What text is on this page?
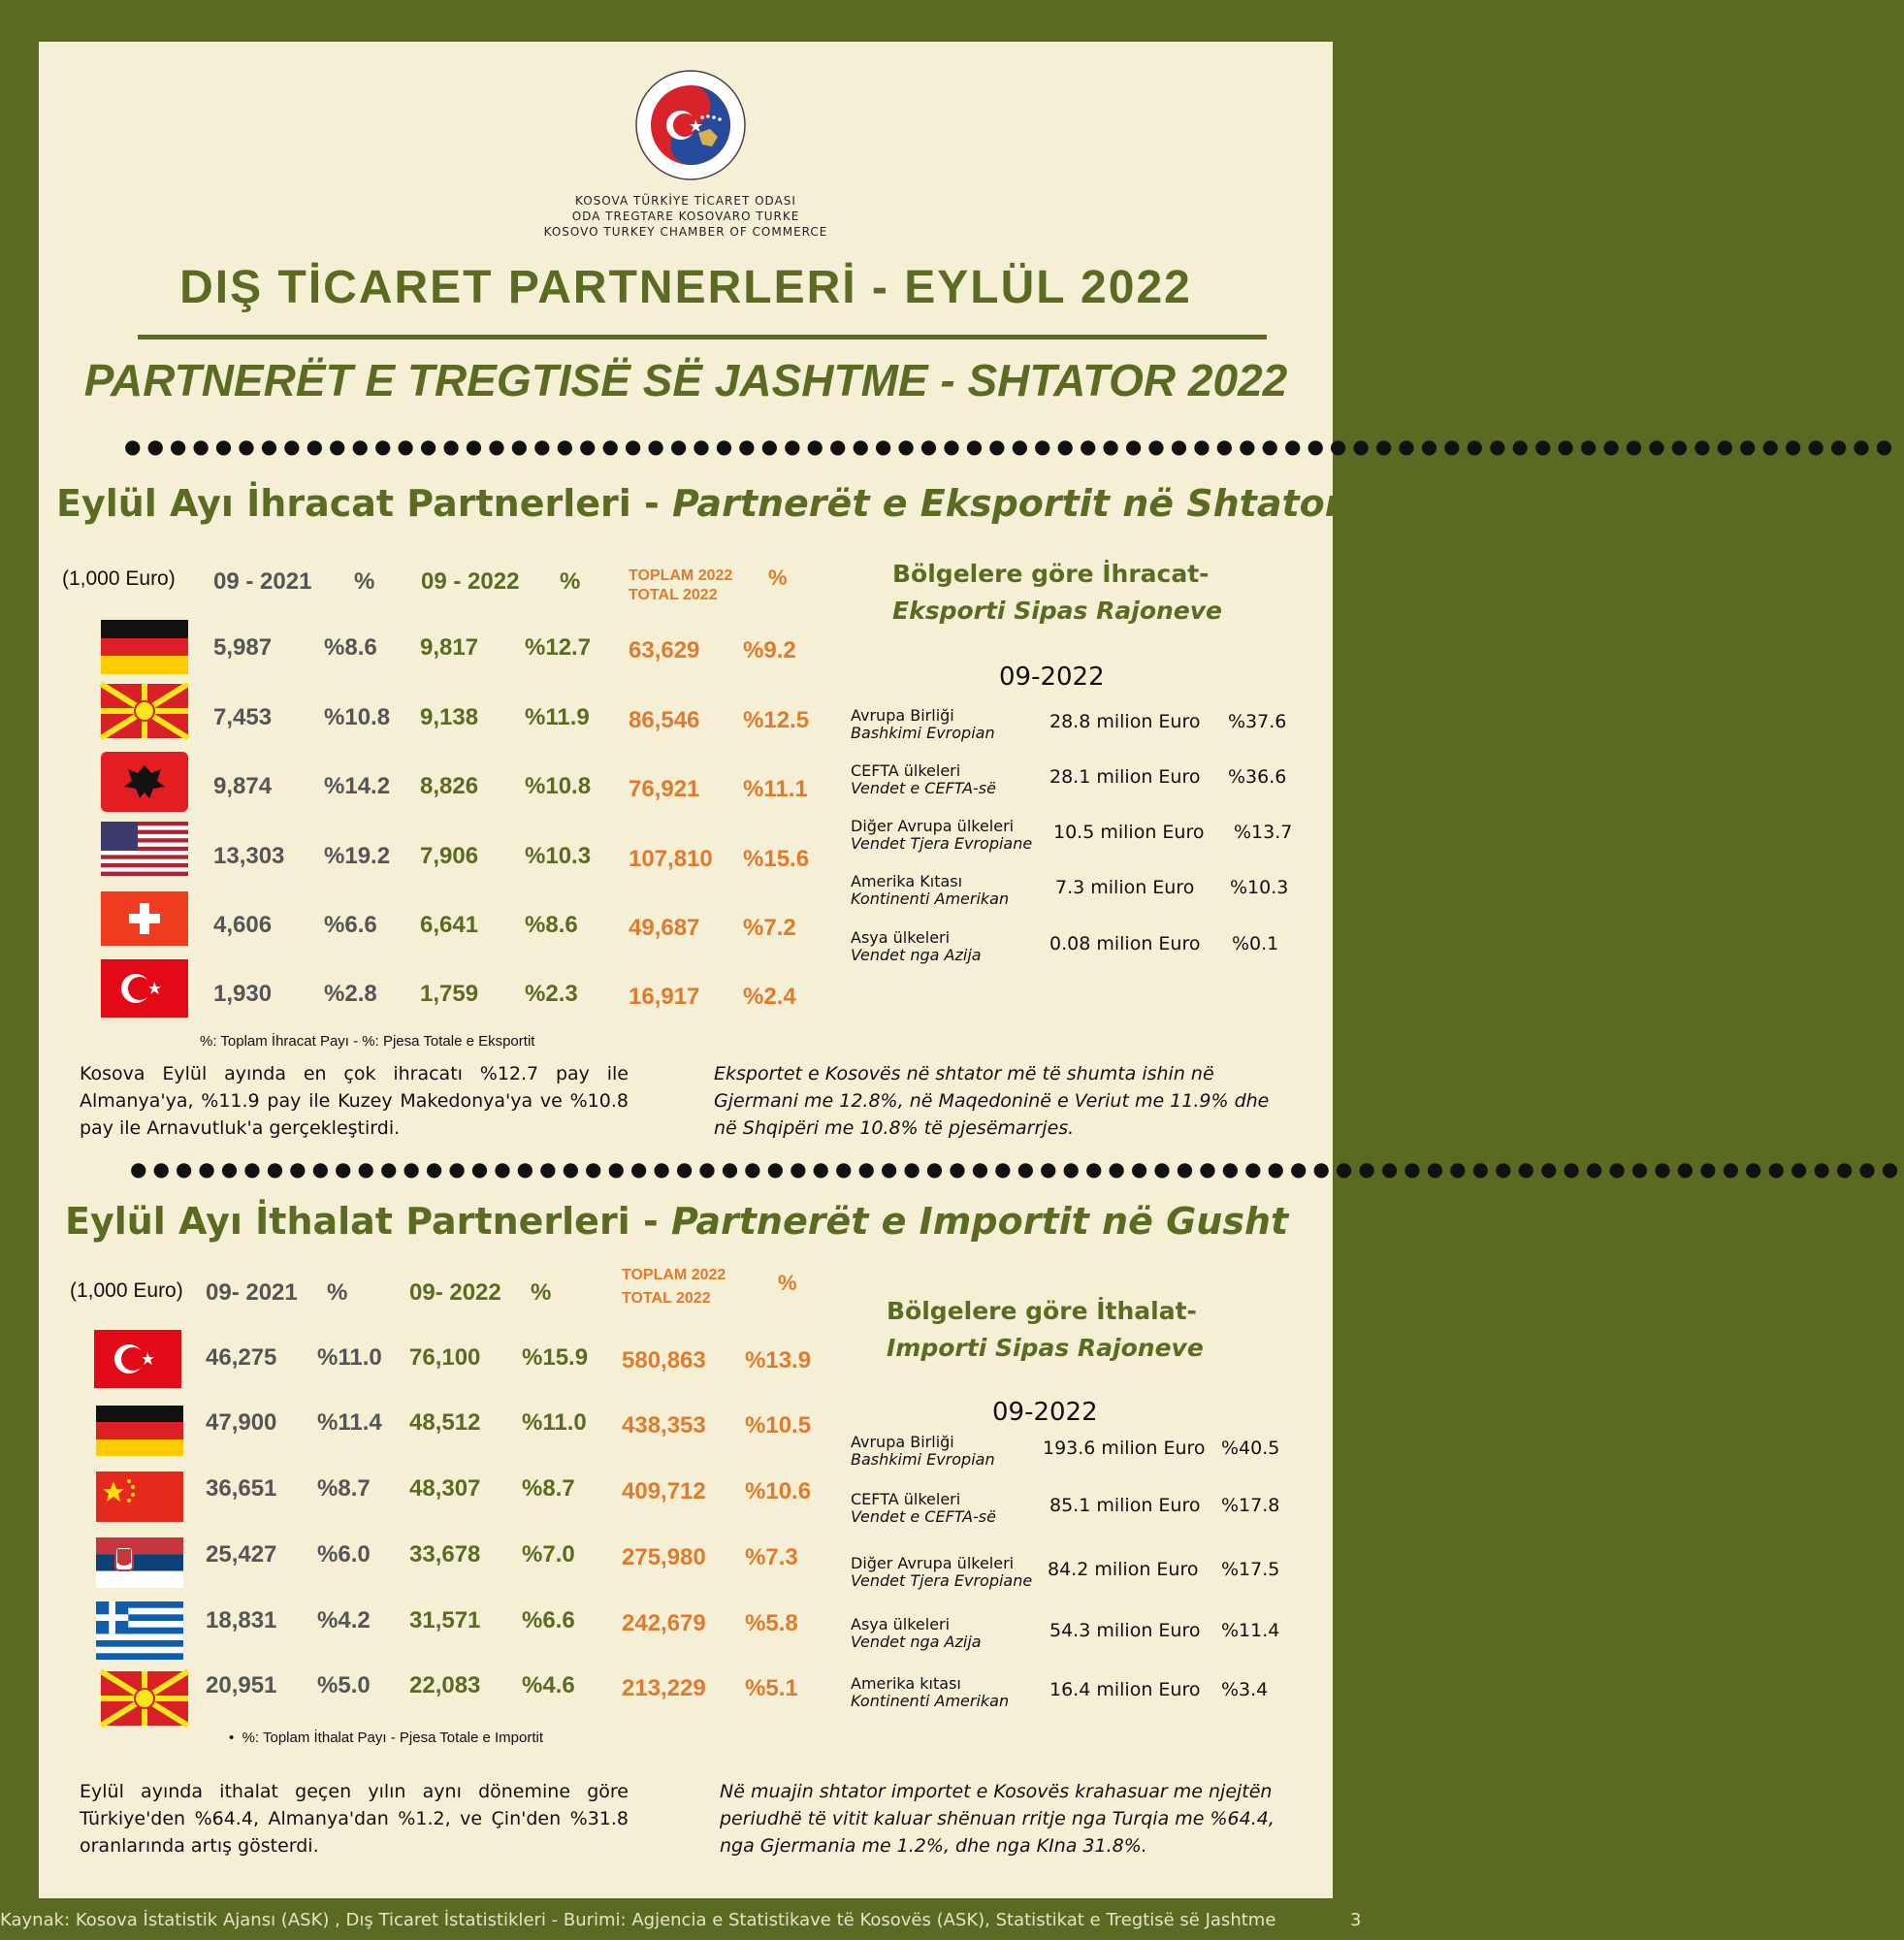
KOSOVA TÜRKİYE TİCARET ODASI
ODA TREGTARE KOSOVARO TURKE
KOSOVO TURKEY CHAMBER OF COMMERCE
DIŞ TİCARET PARTNERLERİ - EYLÜL 2022
PARTNERËT E TREGTISË SË JASHTME - SHTATOR 2022
●●●●●●●●●●●●●●●●●●●●●●●●●●●●●●●●●●●●●●●●●●●●●●●●●●●●●●●●●●●●●●●●●●●●●●●●●●●●●●
Eylül Ayı İhracat Partnerleri - Partnerët e Eksportit në Shtator
(1,000 Euro) 09 - 2021 % 09 - 2022 %	TOPLAM 2022
TOTAL 2022
%
5,987 %8.6 9,817 %12.7 63,629 %9.2
7,453 %10.8 9,138 %11.9 86,546 %12.5
9,874 %14.2 8,826 %10.8 76,921 %11.1
13,303 %19.2 7,906 %10.3 107,810 %15.6
4,606 %6.6 6,641 %8.6 49,687 %7.2
1,930 %2.8 1,759 %2.3 16,917 %2.4
%: Toplam İhracat Payı - %: Pjesa Totale e Eksportit
Kosova Eylül ayında en çok ihracatı %12.7 pay ile Almanya'ya, %11.9 pay ile Kuzey Makedonya'ya ve %10.8 pay ile Arnavutluk'a gerçekleştirdi.
Eksportet e Kosovës në shtator më të shumta ishin në Gjermani me 12.8%, në Maqedoninë e Veriut me 11.9% dhe në Shqipëri me 10.8% të pjesëmarrjes.
Bölgelere göre İhracat-
Eksporti Sipas Rajoneve
09-2022
Avrupa Birliği
Bashkimi Evropian
28.8 milion Euro %37.6
CEFTA ülkeleri
Vendet e CEFTA-së
28.1 milion Euro %36.6
Diğer Avrupa ülkeleri
Vendet Tjera Evropiane
10.5 milion Euro %13.7
Amerika Kıtası
Kontinenti Amerikan
7.3 milion Euro %10.3
Asya ülkeleri
Vendet nga Azija
0.08 milion Euro %0.1
●●●●●●●●●●●●●●●●●●●●●●●●●●●●●●●●●●●●●●●●●●●●●●●●●●●●●●●●●●●●●●●●●●●●●●●●●●●●●●
Eylül Ayı İthalat Partnerleri - Partnerët e Importit në Gusht
(1,000 Euro) 09- 2021 %	09- 2022 %
TOPLAM 2022
TOTAL 2022
%
46,275 %11.0 76,100 %15.9 580,863 %13.9
47,900 %11.4 48,512 %11.0 438,353 %10.5
36,651 %8.7 48,307 %8.7 409,712 %10.6
25,427 %6.0 33,678 %7.0 275,980 %7.3
18,831 %4.2 31,571 %6.6 242,679 %5.8
20,951 %5.0 22,083 %4.6 213,229 %5.1
•  %: Toplam İthalat Payı - Pjesa Totale e Importit
Eylül ayında ithalat geçen yılın aynı dönemine göre Türkiye'den %64.4, Almanya'dan %1.2, ve Çin'den %31.8 oranlarında artış gösterdi.
Në muajin shtator importet e Kosovës krahasuar me njejtën periudhë të vitit kaluar shënuan rritje nga Turqia me %64.4, nga Gjermania me 1.2%, dhe nga KIna 31.8%.
Bölgelere göre İthalat-
Importi Sipas Rajoneve
09-2022
Avrupa Birliği
Bashkimi Evropian
193.6 milion Euro %40.5
CEFTA ülkeleri
Vendet e CEFTA-së
85.1 milion Euro %17.8
Diğer Avrupa ülkeleri
Vendet Tjera Evropiane
84.2 milion Euro %17.5
Asya ülkeleri
Vendet nga Azija
54.3 milion Euro %11.4
Amerika kıtası
Kontinenti Amerikan
16.4 milion Euro %3.4
Kaynak: Kosova İstatistik Ajansı (ASK) , Dış Ticaret İstatistikleri - Burimi: Agjencia e Statistikave të Kosovës (ASK), Statistikat e Tregtisë së Jashtme	3
